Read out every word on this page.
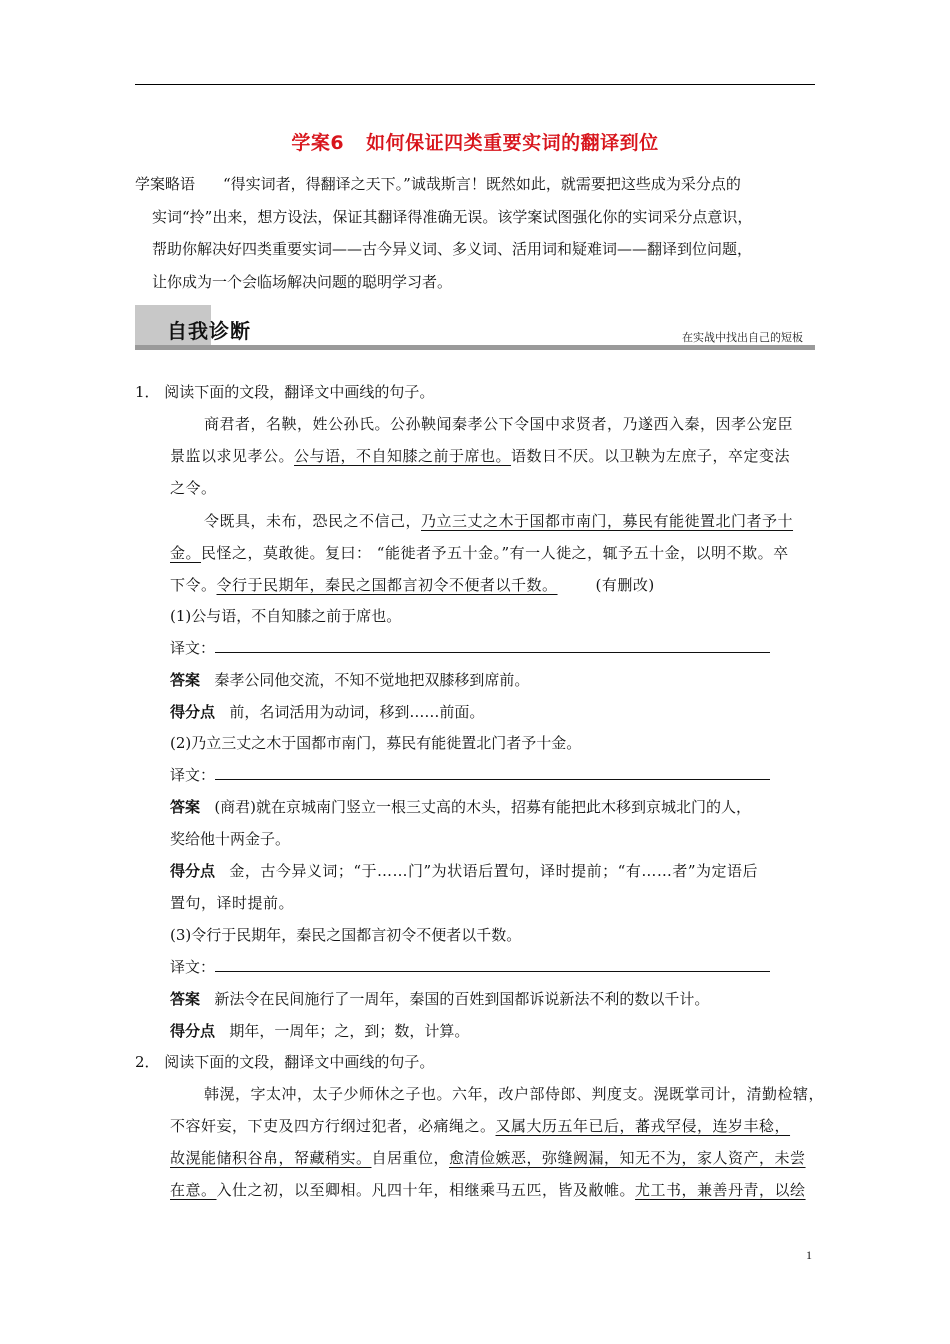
学案6 如何保证四类重要实词的翻译到位
学案略语 “得实词者，得翻译之天下。”诚哉斯言！既然如此，就需要把这些成为采分点的
实词“拎”出来，想方设法，保证其翻译得准确无误。该学案试图强化你的实词采分点意识，
帮助你解决好四类重要实词——古今异义词、多义词、活用词和疑难词——翻译到位问题，
让你成为一个会临场解决问题的聪明学习者。
自我诊断	在实战中找出自己的短板
1． 阅读下面的文段，翻译文中画线的句子。
商君者，名鞅，姓公孙氏。公孙鞅闻秦孝公下令国中求贤者，乃遂西入秦，因孝公宠臣
景监以求见孝公。公与语，不自知膝之前于席也。语数日不厌。以卫鞅为左庶子，卒定变法
之令。
令既具，未布，恐民之不信己，乃立三丈之木于国都市南门，募民有能徙置北门者予十
金。民怪之，莫敢徙。复曰： “能徙者予五十金。”有一人徙之，辄予五十金，以明不欺。卒
下令。令行于民期年，秦民之国都言初令不便者以千数。	(有删改)
(1)公与语，不自知膝之前于席也。
译文：
答案 秦孝公同他交流，不知不觉地把双膝移到席前。
得分点 前，名词活用为动词，移到……前面。
(2)乃立三丈之木于国都市南门，募民有能徙置北门者予十金。
译文：
答案 (商君)就在京城南门竖立一根三丈高的木头，招募有能把此木移到京城北门的人，
奖给他十两金子。
得分点 金，古今异义词；“于……门”为状语后置句，译时提前；“有……者”为定语后
置句，译时提前。
(3)令行于民期年，秦民之国都言初令不便者以千数。
译文：
答案 新法令在民间施行了一周年，秦国的百姓到国都诉说新法不利的数以千计。
得分点 期年，一周年；之，到；数，计算。
2． 阅读下面的文段，翻译文中画线的句子。
韩滉，字太冲，太子少师休之子也。六年，改户部侍郎、判度支。滉既掌司计，清勤检辖，
不容奸妄，下吏及四方行纲过犯者，必痛绳之。又属大历五年已后，蕃戎罕侵，连岁丰稔，
故滉能储积谷帛，帑藏稍实。自居重位，愈清俭嫉恶，弥缝阙漏，知无不为，家人资产，未尝
在意。入仕之初，以至卿相。凡四十年，相继乘马五匹，皆及敝帷。尤工书，兼善丹青，以绘
1
